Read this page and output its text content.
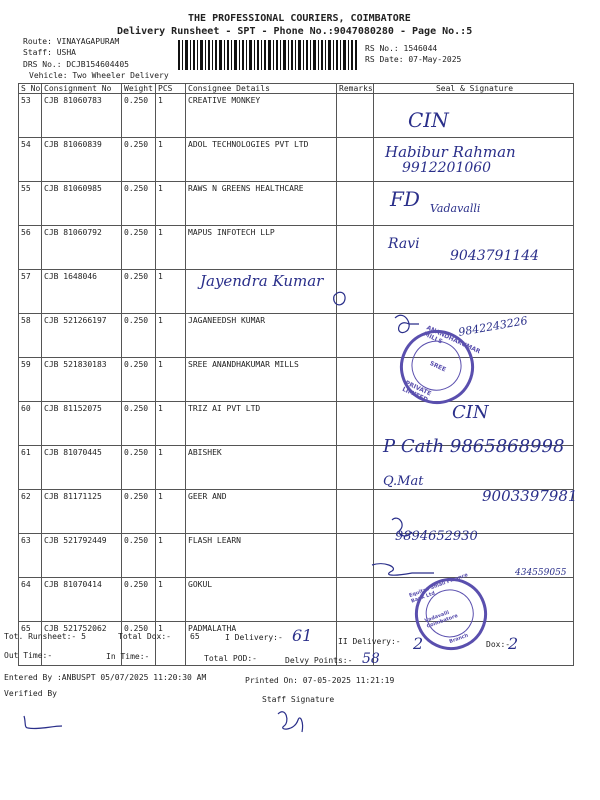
THE PROFESSIONAL COURIERS, COIMBATORE
Delivery Runsheet - SPT - Phone No.:9047080280 - Page No.:5
Route: VINAYAGAPURAM
Staff: USHA
DRS No.: DCJB154604405
Vehicle: Two Wheeler Delivery
RS No.: 1546044
RS Date: 07-May-2025
S No	Consignment No	Weight	PCS	Consignee Details	Remarks	Seal & Signature
53	CJB 81060783	0.250	1	CREATIVE MONKEY		
54	CJB 81060839	0.250	1	ADOL TECHNOLOGIES PVT LTD		
55	CJB 81060985	0.250	1	RAWS N GREENS HEALTHCARE		
56	CJB 81060792	0.250	1	MAPUS INFOTECH LLP		
57	CJB 1648046	0.250	1			
58	CJB 521266197	0.250	1	JAGANEEDSH KUMAR		
59	CJB 521830183	0.250	1	SREE ANANDHAKUMAR MILLS		
60	CJB 81152075	0.250	1	TRIZ AI PVT LTD		
61	CJB 81070445	0.250	1	ABISHEK		
62	CJB 81171125	0.250	1	GEER AND		
63	CJB 521792449	0.250	1	FLASH LEARN		
64	CJB 81070414	0.250	1	GOKUL		
65	CJB 521752062	0.250	1	PADMALATHA		
CIN
Habibur Rahman
9912201060
FD Vadavalli
Ravi
9043791144
Jayendra Kumar
9842243226
CIN
P Cath 9865868998
Q.Mat
9003397981
9894652930
434559055
ANANDHAKUMAR MILLS
SREE
PRIVATE LIMITED
Equitas Small Finance Bank Ltd
Vadavalli Coimbatore
Branch
Tot. Runsheet:- 5	Total Dox:- 65	I Delivery:- 61	II Delivery:- 2	Dox:-
2
Out Time:-	In Time:-	Total POD:-	Delvy Points:- 58
Entered By :ANBUSPT 05/07/2025 11:20:30 AM	Printed On: 07-05-2025 11:21:19
Verified By
Staff Signature
